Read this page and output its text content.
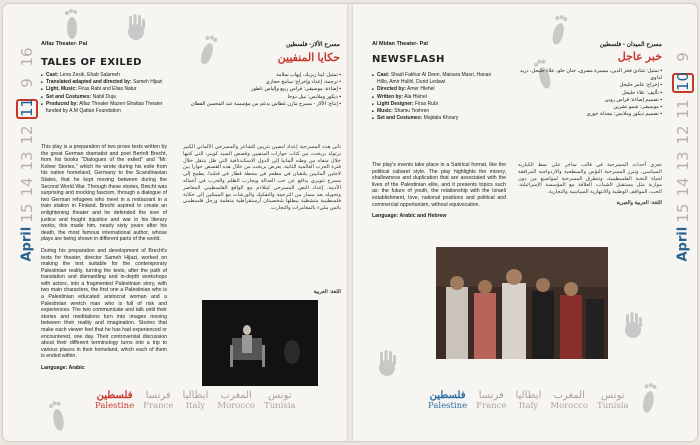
16
9
11
12
13
14
15
April
Alfaz Theater- Pal	مسرح الألاز- فلسطين
TALES OF EXILED	حكايا المنفيين
■ Cast: Lena Zesik, Ehab Salameh
■ Translated adapted and directed by: Sameh Hijazi
■ Light, Music: Firas Rabi and Elias Natur
■ Set and Costumes: Nabil Duja
■ Produced by: Alfaz Theater Mazen Ghattas Theater funded by A.M Qattan Foundation
▪ تمثيل: لينا زيزيك، إيهاب سلامة
▪ ترجمة، إعداد وإخراج: سامح حجازي
▪ إضاءة، موسيقى: فراس ربيع وإلياس ناطور
▪ ديكور وملابس: نبيل دوجا
▪ إنتاج: الألاز - مسرح مازن غطاس بدعم من مؤسسة عبد المحسن القطان

This play is a preparation of two prose texts written by the great German dramatist and poet Bertolt Brecht, from his books "Dialogues of the exiled" and "Mr. Kolner Stories," which he wrote during his exile from his native homeland, Germany to the Scandinavian States, that he kept moving between during the Second World War. Through these stories, Brecht was surprising and mocking fascism, through a dialogue of two German refugees who meet in a restaurant in a train station in Finland. Brecht aspired to create an enlightening theater and he defended the love of justice and fought injustice and war in his literary works, this made him, nearly sixty years after his death, the most famous international author, whose plays are being shown in different parts of the world.

During his preparation and development of Brecht's texts for theater, director Sameh Hijazi, worked on making the text suitable for the contemporary Palestinian reality, turning the texts, after the path of translation and dismantling and in-depth workshops with actors, into a fragmented Palestinian story, with two main characters, the first one a Palestinian who is a Palestinian educated aristocrat woman and a Palestinian wretch man who is full of risk and experiences. The two communicate and talk until their stories and meditations turn into images moving between their reality and imagination. Stories that make each viewer feel that he has had experienced or encountered, one day. Their controversial discussion about their different terminology turns into a trip to various places in their homeland, which each of them is ended within.

Language: Arabic
تأتي هذه المسرحية إعداد لنصين نثريين للشاعر والمسرحي الألماني الكبير برتولد بريخت، من كتاب حوارات المنفيين وقصص السيد كوينر، التي كتبها خلال منفاه من وطنه ألمانيا إلى الدول الاسكندنافية التي ظل يتنقل خلال فترة الحرب العالمية الثانية. يعرض بريخت من خلال هذه القصص حوارا بين لاجئين ألمانيين يلتقيان في مطعم في محطة قطار في فنلندا. يطمح إلى مسرح تنويري يدافع عن حب العدالة ويحارب الظلم والحرب في أعماله الأدبية. إعداد النص المسرحي ليتلاءم مع الواقع الفلسطيني المعاصر وتحويله بعد مسار من الترجمة والتفكيك والورشات مع الممثلين إلى حكاية فلسطينية متشظية يبطلها شخصيتان أرستقراطية متعلمة ورجل فلسطيني بائس مليء بالمغامرات والتجارب.
اللغة: العربية
فلسطين
Palestine
فرنسا
France
ايطاليا
Italy
المغرب
Morocco
تونس
Tunisia
9
10
11
12
13
14
15
April
Al Midan Theater- Pal	مسرح الميدان - فلسطين
NEWSFLASH	خبر عاجل
■ Cast: Shadi Fakhar Al Deen, Maisara Masri, Hanan Hillo, Amir Hulihl, Durid Ledawi
■ Directed by: Amer Hlehel
■ Written by: Ala Hlehel
■ Light Designer: Firas Rubi
■ Music: Shamu Teshren
■ Set and Costumes: Majdala Khoury
▪ تمثيل: شادي فخر الدين، ميسرة مصري، حنان حلو، علاء حليحل، دريد لداوي
▪ إخراج: عامر حليحل
▪ تأليف: علاء حليحل
▪ تصميم إضاءة: فراس روبي
▪ موسيقى: شمو تشرين
▪ تصميم ديكور وملابس: مجدلة خوري

The play's events take place in a Satirical format, like the political cabaret style. The play highlights the misery, shallowness and duplication that are associated with the lives of the Palestinian elite, and it presents topics such as: the future of youth, the relationship with the Israeli establishment, love, national positions and political and commercial opportunism, without equivocation.

Language: Arabic and Hebrew
تجري أحداث المسرحية في قالب ساخر على نمط الكباريه السياسي، وتبرز المسرحية البؤس والسطحية والازدواجية المرافقة لحياة النخبة الفلسطينية، وتتطرق المسرحية لمواضيع من دون مواربة مثل مستقبل الشباب، العلاقة مع المؤسسة الإسرائيلية، الحب، المواقف الوطنية والانتهازية السياسية والتجارية.
اللغة: العربية والعبرية
فلسطين
Palestine
فرنسا
France
ايطاليا
Italy
المغرب
Morocco
تونس
Tunisia
